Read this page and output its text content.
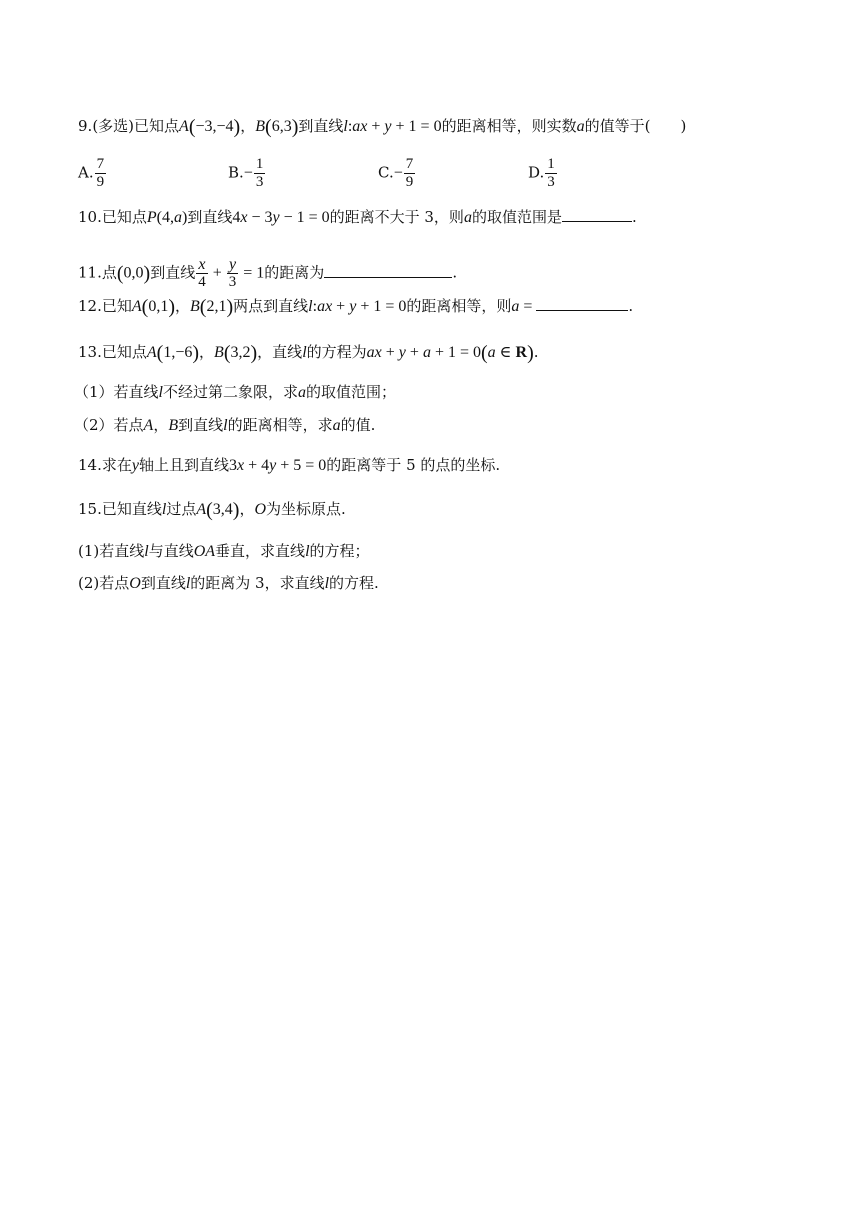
9.(多选)已知点A(−3,−4)，B(6,3)到直线l:ax + y + 1 = 0的距离相等，则实数a的值等于( )
A. $\frac{7}{9}$	$B.- \frac{1}{3}$	$C.- \frac{7}{9}$	D. $\frac{1}{3}$
10.已知点P(4,a)到直线4x − 3y − 1 = 0的距离不大于 3，则a的取值范围是	.
11.点(0,0)到直线 $\frac{x}{4} + \frac{y}{3} = 1$的距离为	.
12.已知A(0,1)，B(2,1)两点到直线l:ax + y + 1 = 0的距离相等，则a =	.
13.已知点A(1,−6)，B(3,2)，直线l的方程为ax + y + a + 1 = 0(a ∈ R).
（1）若直线l不经过第二象限，求a的取值范围；
（2）若点A，B到直线l的距离相等，求a的值.
14.求在y轴上且到直线3x + 4y + 5 = 0的距离等于 5 的点的坐标.
15.已知直线l过点A(3,4)，O为坐标原点.
(1)若直线l与直线OA垂直，求直线l的方程；
(2)若点O到直线l的距离为 3，求直线l的方程.
